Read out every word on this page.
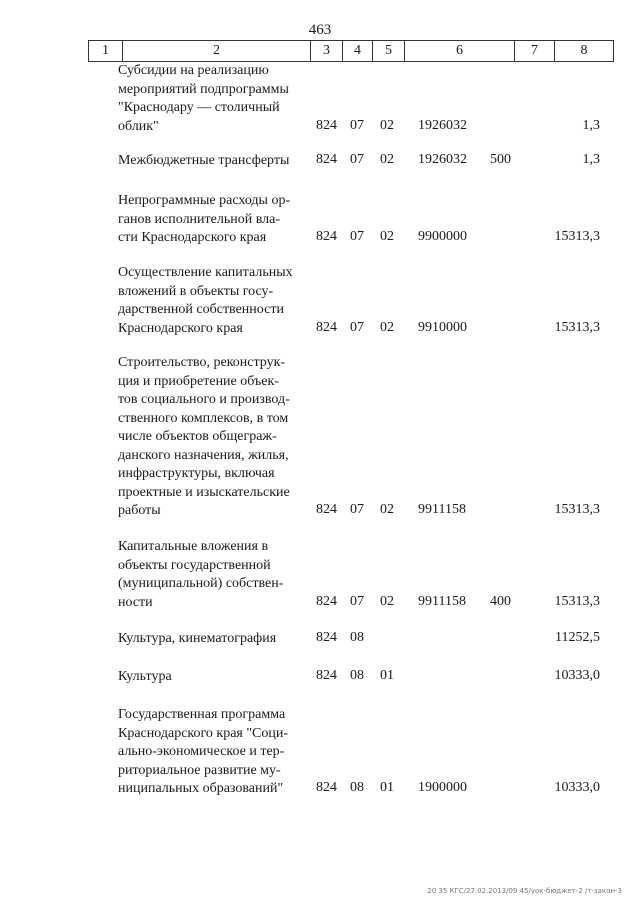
463
1	2	3	4	5	6	7	8
Субсидии на реализацию
мероприятий подпрограммы
"Краснодару — столичный
облик"	824 07 02 1926032	1,3
Межбюджетные трансферты	824 07 02 1926032 500	1,3
Непрограммные расходы ор-
ганов исполнительной вла-
сти Краснодарского края	824 07 02 9900000	15313,3
Осуществление капитальных
вложений в объекты госу-
дарственной собственности
Краснодарского края	824 07 02 9910000	15313,3
Строительство, реконструк-
ция и приобретение объек-
тов социального и производ-
ственного комплексов, в том
числе объектов общеграж-
данского назначения, жилья,
инфраструктуры, включая
проектные и изыскательские
работы	824 07 02 9911158	15313,3
Капитальные вложения в
объекты государственной
(муниципальной) собствен-
ности	824 07 02 9911158 400	15313,3
Культура, кинематография	824 08	11252,5
Культура	824 08 01	10333,0
Государственная программа
Краснодарского края "Соци-
ально-экономическое и тер-
риториальное развитие му-
ниципальных образований"	824 08 01 1900000	10333,0
20 35 КГС/27.02.2013/09 45/уок-бюджет-2 /т-закон-3
